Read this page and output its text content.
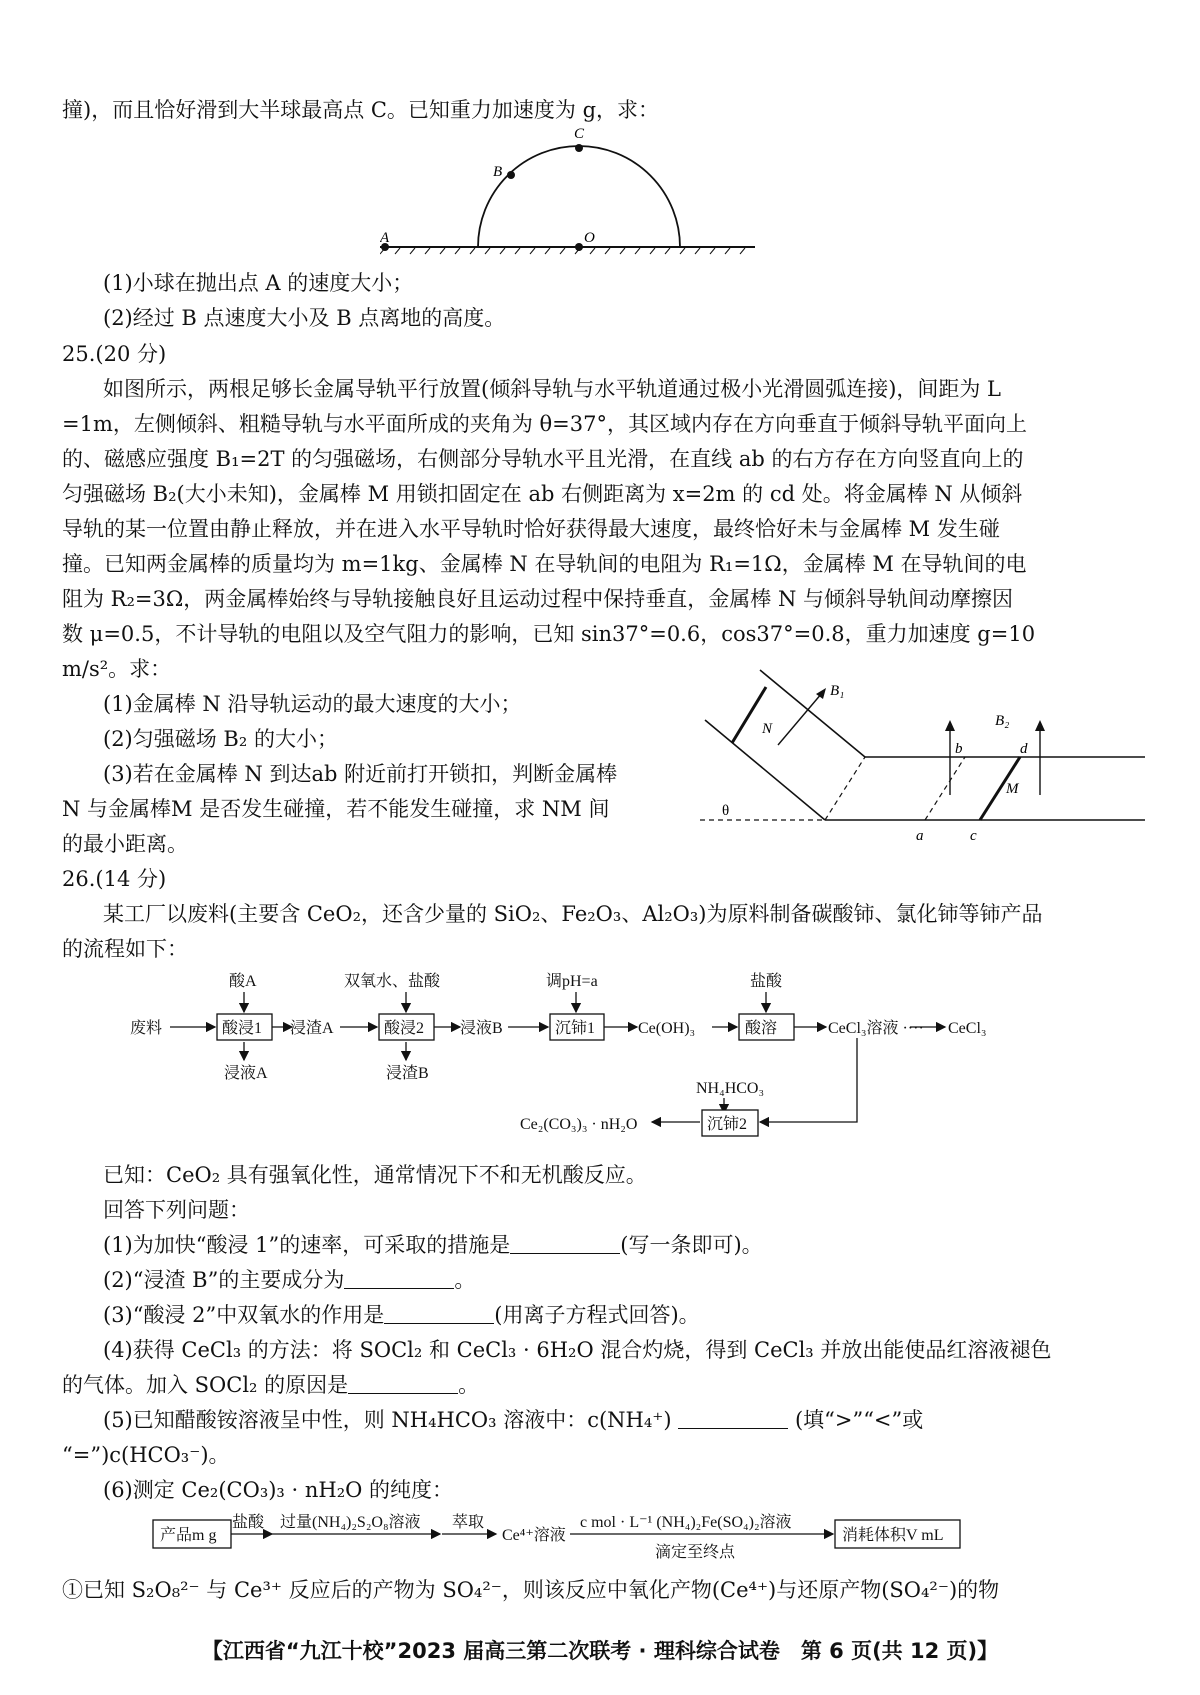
撞)，而且恰好滑到大半球最高点 C。已知重力加速度为 g，求：
A
C
B
O
(1)小球在抛出点 A 的速度大小；
(2)经过 B 点速度大小及 B 点离地的高度。
25.(20 分)
如图所示，两根足够长金属导轨平行放置(倾斜导轨与水平轨道通过极小光滑圆弧连接)，间距为 L
=1m，左侧倾斜、粗糙导轨与水平面所成的夹角为 θ=37°，其区域内存在方向垂直于倾斜导轨平面向上
的、磁感应强度 B₁=2T 的匀强磁场，右侧部分导轨水平且光滑，在直线 ab 的右方存在方向竖直向上的
匀强磁场 B₂(大小未知)，金属棒 M 用锁扣固定在 ab 右侧距离为 x=2m 的 cd 处。将金属棒 N 从倾斜
导轨的某一位置由静止释放，并在进入水平导轨时恰好获得最大速度，最终恰好未与金属棒 M 发生碰
撞。已知两金属棒的质量均为 m=1kg、金属棒 N 在导轨间的电阻为 R₁=1Ω，金属棒 M 在导轨间的电
阻为 R₂=3Ω，两金属棒始终与导轨接触良好且运动过程中保持垂直，金属棒 N 与倾斜导轨间动摩擦因
数 μ=0.5，不计导轨的电阻以及空气阻力的影响，已知 sin37°=0.6，cos37°=0.8，重力加速度 g=10
m/s²。求：
(1)金属棒 N 沿导轨运动的最大速度的大小；
(2)匀强磁场 B₂ 的大小；
(3)若在金属棒 N 到达ab 附近前打开锁扣，判断金属棒
N 与金属棒M 是否发生碰撞，若不能发生碰撞，求 NM 间
的最小距离。
N
B₁
B₂
M
b	d
θ
a	c
26.(14 分)
某工厂以废料(主要含 CeO₂，还含少量的 SiO₂、Fe₂O₃、Al₂O₃)为原料制备碳酸铈、氯化铈等铈产品
的流程如下：
废料
酸A
酸浸1
浸液A
浸渣A
双氧水、盐酸
酸浸2
浸渣B
浸液B
调pH=a
沉铈1	Ce(OH)₃
盐酸
酸溶	CeCl₃溶液 ···· CeCl₃
NH₄HCO₃
沉铈2
Ce₂(CO₃)₃ · nH₂O
已知：CeO₂ 具有强氧化性，通常情况下不和无机酸反应。
回答下列问题：
(1)为加快“酸浸 1”的速率，可采取的措施是	(写一条即可)。
(2)“浸渣 B”的主要成分为	。
(3)“酸浸 2”中双氧水的作用是	(用离子方程式回答)。
(4)获得 CeCl₃ 的方法：将 SOCl₂ 和 CeCl₃ · 6H₂O 混合灼烧，得到 CeCl₃ 并放出能使品红溶液褪色
的气体。加入 SOCl₂ 的原因是	。
(5)已知醋酸铵溶液呈中性，则 NH₄HCO₃ 溶液中：c(NH₄⁺)	(填“>”“<”或
“=”)c(HCO₃⁻)。
(6)测定 Ce₂(CO₃)₃ · nH₂O 的纯度：
产品m g
盐酸 过量(NH₄)₂S₂O₈溶液 萃取
Ce⁴⁺溶液
c mol · L⁻¹ (NH₄)₂Fe(SO₄)₂溶液
滴定至终点
消耗体积V mL
①已知 S₂O₈²⁻ 与 Ce³⁺ 反应后的产物为 SO₄²⁻，则该反应中氧化产物(Ce⁴⁺)与还原产物(SO₄²⁻)的物
【江西省“九江十校”2023 届高三第二次联考 · 理科综合试卷　第 6 页(共 12 页)】
